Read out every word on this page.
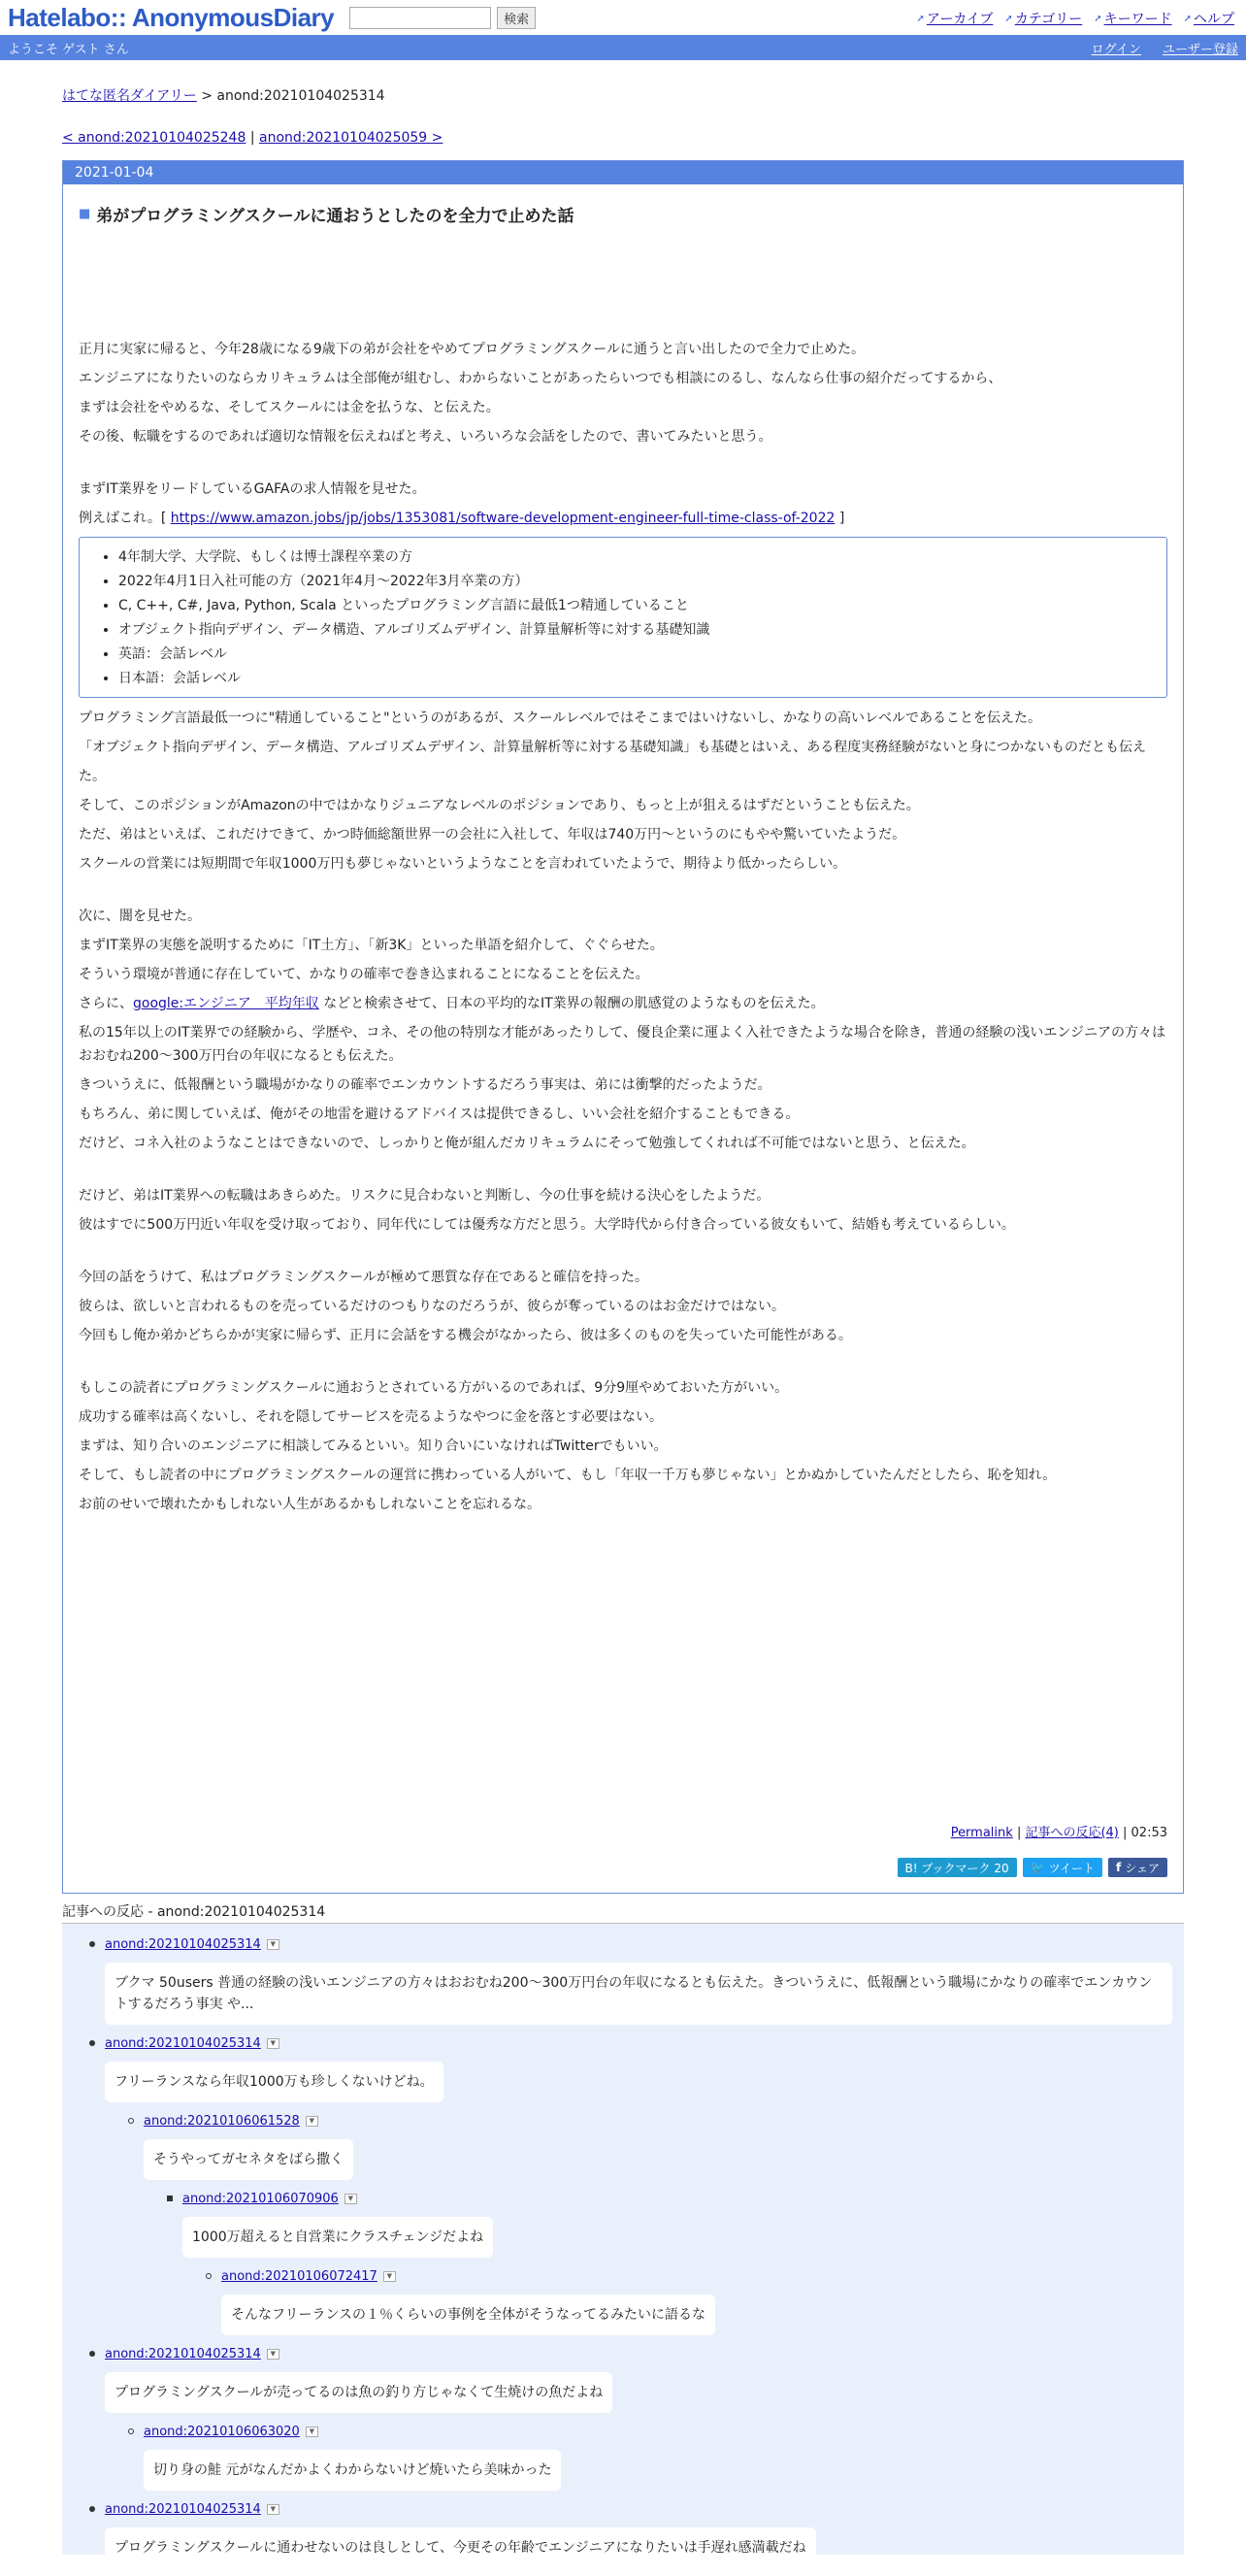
Hatelabo:: AnonymousDiary	検索	➚ アーカイブ ➚ カテゴリー ➚ キーワード ➚ ヘルプ
ようこそ ゲスト さん	ログイン ユーザー登録
はてな匿名ダイアリー > anond:20210104025314
< anond:20210104025248 | anond:20210104025059 >
2021-01-04
■ 弟がプログラミングスクールに通おうとしたのを全力で止めた話

正月に実家に帰ると、今年28歳になる9歳下の弟が会社をやめてプログラミングスクールに通うと言い出したので全力で止めた。

エンジニアになりたいのならカリキュラムは全部俺が組むし、わからないことがあったらいつでも相談にのるし、なんなら仕事の紹介だってするから、

まずは会社をやめるな、そしてスクールには金を払うな、と伝えた。

その後、転職をするのであれば適切な情報を伝えねばと考え、いろいろな会話をしたので、書いてみたいと思う。

まずIT業界をリードしているGAFAの求人情報を見せた。

例えばこれ。[ https://www.amazon.jobs/jp/jobs/1353081/software-development-engineer-full-time-class-of-2022 ]

• 4年制大学、大学院、もしくは博士課程卒業の方
• 2022年4月1日入社可能の方（2021年4月～2022年3月卒業の方）
• C, C++, C#, Java, Python, Scala といったプログラミング言語に最低1つ精通していること
• オブジェクト指向デザイン、データ構造、アルゴリズムデザイン、計算量解析等に対する基礎知識
• 英語：会話レベル
• 日本語：会話レベル

プログラミング言語最低一つに"精通していること"というのがあるが、スクールレベルではそこまではいけないし、かなりの高いレベルであることを伝えた。

「オブジェクト指向デザイン、データ構造、アルゴリズムデザイン、計算量解析等に対する基礎知識」も基礎とはいえ、ある程度実務経験がないと身につかないものだとも伝えた。

そして、このポジションがAmazonの中ではかなりジュニアなレベルのポジションであり、もっと上が狙えるはずだということも伝えた。

ただ、弟はといえば、これだけできて、かつ時価総額世界一の会社に入社して、年収は740万円～というのにもやや驚いていたようだ。

スクールの営業には短期間で年収1000万円も夢じゃないというようなことを言われていたようで、期待より低かったらしい。

次に、闇を見せた。

まずIT業界の実態を説明するために「IT土方」、「新3K」といった単語を紹介して、ぐぐらせた。

そういう環境が普通に存在していて、かなりの確率で巻き込まれることになることを伝えた。

さらに、google:エンジニア　平均年収 などと検索させて、日本の平均的なIT業界の報酬の肌感覚のようなものを伝えた。

私の15年以上のIT業界での経験から、学歴や、コネ、その他の特別な才能があったりして、優良企業に運よく入社できたような場合を除き，普通の経験の浅いエンジニアの方々はおおむね200～300万円台の年収になるとも伝えた。

きついうえに、低報酬という職場がかなりの確率でエンカウントするだろう事実は、弟には衝撃的だったようだ。

もちろん、弟に関していえば、俺がその地雷を避けるアドバイスは提供できるし、いい会社を紹介することもできる。

だけど、コネ入社のようなことはできないので、しっかりと俺が組んだカリキュラムにそって勉強してくれれば不可能ではないと思う、と伝えた。

だけど、弟はIT業界への転職はあきらめた。リスクに見合わないと判断し、今の仕事を続ける決心をしたようだ。

彼はすでに500万円近い年収を受け取っており、同年代にしては優秀な方だと思う。大学時代から付き合っている彼女もいて、結婚も考えているらしい。

今回の話をうけて、私はプログラミングスクールが極めて悪質な存在であると確信を持った。

彼らは、欲しいと言われるものを売っているだけのつもりなのだろうが、彼らが奪っているのはお金だけではない。

今回もし俺か弟かどちらかが実家に帰らず、正月に会話をする機会がなかったら、彼は多くのものを失っていた可能性がある。

もしこの読者にプログラミングスクールに通おうとされている方がいるのであれば、9分9厘やめておいた方がいい。

成功する確率は高くないし、それを隠してサービスを売るようなやつに金を落とす必要はない。

まずは、知り合いのエンジニアに相談してみるといい。知り合いにいなければTwitterでもいい。

そして、もし読者の中にプログラミングスクールの運営に携わっている人がいて、もし「年収一千万も夢じゃない」とかぬかしていたんだとしたら、恥を知れ。

お前のせいで壊れたかもしれない人生があるかもしれないことを忘れるな。

Permalink | 記事への反応(4) | 02:53
B! ブックマーク 20	🐦 ツイート f シェア
記事への反応 - anond:20210104025314
anond:20210104025314	▼
ブクマ 50users 普通の経験の浅いエンジニアの方々はおおむね200～300万円台の年収になるとも伝えた。きついうえに、低報酬という職場にかなりの確率でエンカウントするだろう事実 や...
anond:20210104025314	▼
フリーランスなら年収1000万も珍しくないけどね。
anond:20210106061528	▼
そうやってガセネタをばら撒く
anond:20210106070906	▼
1000万超えると自営業にクラスチェンジだよね
anond:20210106072417	▼
そんなフリーランスの１％くらいの事例を全体がそうなってるみたいに語るな
anond:20210104025314	▼
プログラミングスクールが売ってるのは魚の釣り方じゃなくて生焼けの魚だよね
anond:20210106063020	▼
切り身の鮭 元がなんだかよくわからないけど焼いたら美味かった
anond:20210104025314	▼
プログラミングスクールに通わせないのは良しとして、今更その年齢でエンジニアになりたいは手遅れ感満載だね
